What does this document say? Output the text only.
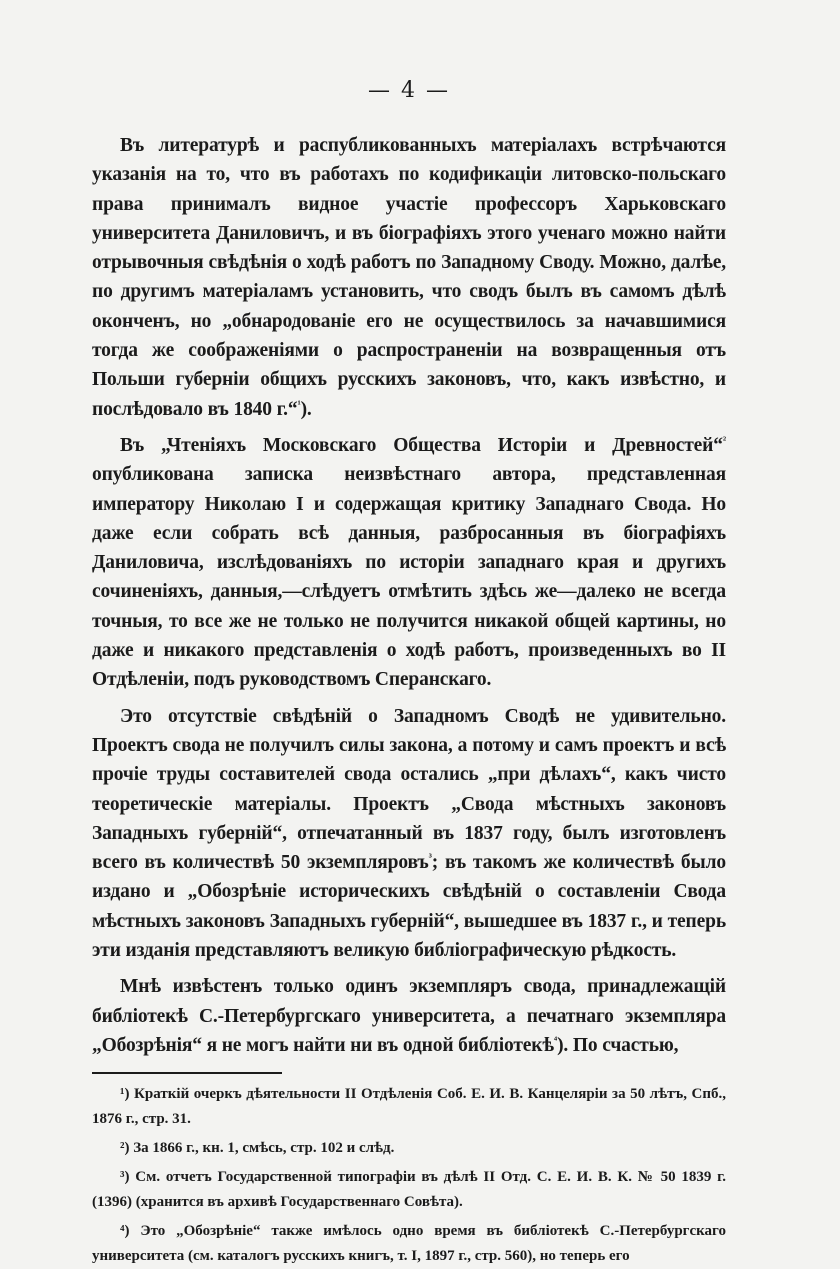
— 4 —

Въ литературѣ и распубликованныхъ матеріалахъ встрѣчаются указанія на то, что въ работахъ по кодификаціи литовско-польскаго права принималъ видное участіе профессоръ Харьковскаго университета Даниловичъ, и въ біографіяхъ этого ученаго можно найти отрывочныя свѣдѣнія о ходѣ работъ по Западному Своду. Можно, далѣе, по другимъ матеріаламъ установить, что сводъ былъ въ самомъ дѣлѣ оконченъ, но „обнародованіе его не осуществилось за начавшимися тогда же соображеніями о распространеніи на возвращенныя отъ Польши губерніи общихъ русскихъ законовъ, что, какъ извѣстно, и послѣдовало въ 1840 г.“$^{^1}$).

Въ „Чтеніяхъ Московскаго Общества Исторіи и Древностей“$^{^2}$ опубликована записка неизвѣстнаго автора, представленная императору Николаю I и содержащая критику Западнаго Свода. Но даже если собрать всѣ данныя, разбросанныя въ біографіяхъ Даниловича, изслѣдованіяхъ по исторіи западнаго края и другихъ сочиненіяхъ, данныя,—слѣдуетъ отмѣтить здѣсь же—далеко не всегда точныя, то все же не только не получится никакой общей картины, но даже и никакого представленія о ходѣ работъ, произведенныхъ во II Отдѣленіи, подъ руководствомъ Сперанскаго.

Это отсутствіе свѣдѣній о Западномъ Сводѣ не удивительно. Проектъ свода не получилъ силы закона, а потому и самъ проектъ и всѣ прочіе труды составителей свода остались „при дѣлахъ“, какъ чисто теоретическіе матеріалы. Проектъ „Свода мѣстныхъ законовъ Западныхъ губерній“, отпечатанный въ 1837 году, былъ изготовленъ всего въ количествѣ 50 экземпляровъ$^{^3}$; въ такомъ же количествѣ было издано и „Обозрѣніе историческихъ свѣдѣній о составленіи Свода мѣстныхъ законовъ Западныхъ губерній“, вышедшее въ 1837 г., и теперь эти изданія представляютъ великую библіографическую рѣдкость.

Мнѣ извѣстенъ только одинъ экземпляръ свода, принадлежащій библіотекѣ С.-Петербургскаго университета, а печатнаго экземпляра „Обозрѣнія“ я не могъ найти ни въ одной библіотекѣ$^{^4}$). По счастью,

¹) Краткій очеркъ дѣятельности II Отдѣленія Соб. Е. И. В. Канцеляріи за 50 лѣтъ, Спб., 1876 г., стр. 31.

²) За 1866 г., кн. 1, смѣсь, стр. 102 и слѣд.

³) См. отчетъ Государственной типографіи въ дѣлѣ II Отд. С. Е. И. В. К. № 50 1839 г. (1396) (хранится въ архивѣ Государственнаго Совѣта).

⁴) Это „Обозрѣніе“ также имѣлось одно время въ библіотекѣ С.-Петербургскаго университета (см. каталогъ русскихъ книгъ, т. I, 1897 г., стр. 560), но теперь его
